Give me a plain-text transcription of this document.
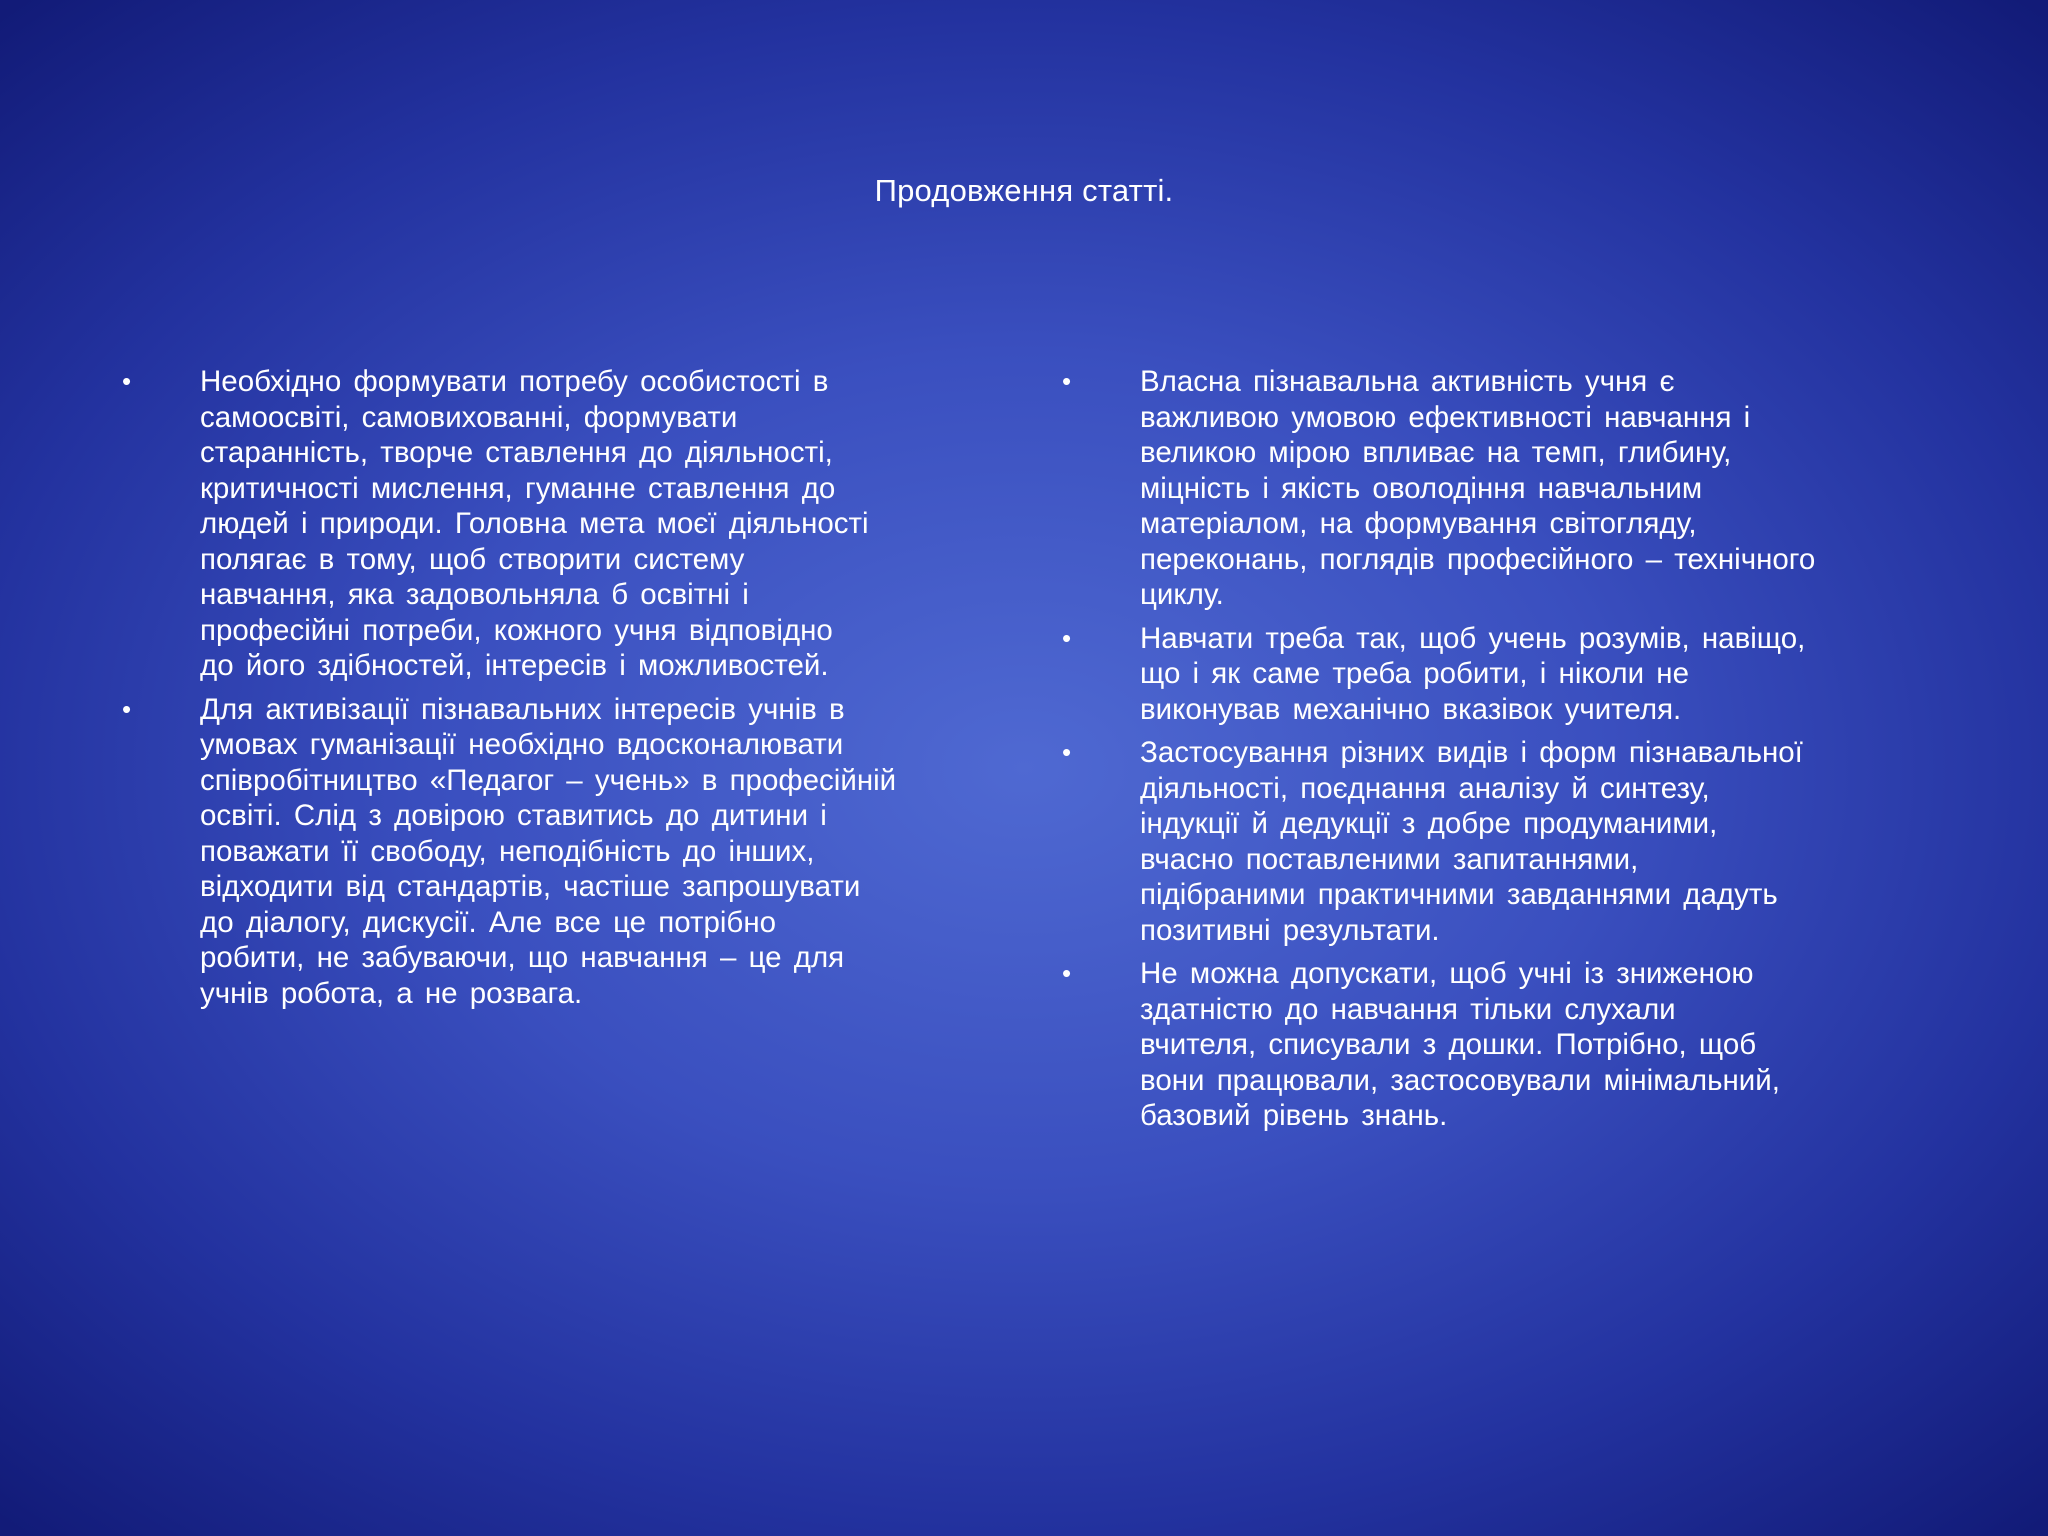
Продовження статті.
• Необхідно формувати потребу особистості в
самоосвіті, самовихованні, формувати
старанність, творче ставлення до діяльності,
критичності мислення, гуманне ставлення до
людей і природи. Головна мета моєї діяльності
полягає в тому, щоб створити систему
навчання, яка задовольняла б освітні і
професійні потреби, кожного учня відповідно
до його здібностей, інтересів і можливостей.
• Для активізації пізнавальних інтересів учнів в
умовах гуманізації необхідно вдосконалювати
співробітництво «Педагог – учень» в професійній
освіті. Слід з довірою ставитись до дитини і
поважати її свободу, неподібність до інших,
відходити від стандартів, частіше запрошувати
до діалогу, дискусії. Але все це потрібно
робити, не забуваючи, що навчання – це для
учнів робота, а не розвага.
• Власна пізнавальна активність учня є
важливою умовою ефективності навчання і
великою мірою впливає на темп, глибину,
міцність і якість оволодіння навчальним
матеріалом, на формування світогляду,
переконань, поглядів професійного – технічного
циклу.
• Навчати треба так, щоб учень розумів, навіщо,
що і як саме треба робити, і ніколи не
виконував механічно вказівок учителя.
• Застосування різних видів і форм пізнавальної
діяльності, поєднання аналізу й синтезу,
індукції й дедукції з добре продуманими,
вчасно поставленими запитаннями,
підібраними практичними завданнями дадуть
позитивні результати.
• Не можна допускати, щоб учні із зниженою
здатністю до навчання тільки слухали
вчителя, списували з дошки. Потрібно, щоб
вони працювали, застосовували мінімальний,
базовий рівень знань.
